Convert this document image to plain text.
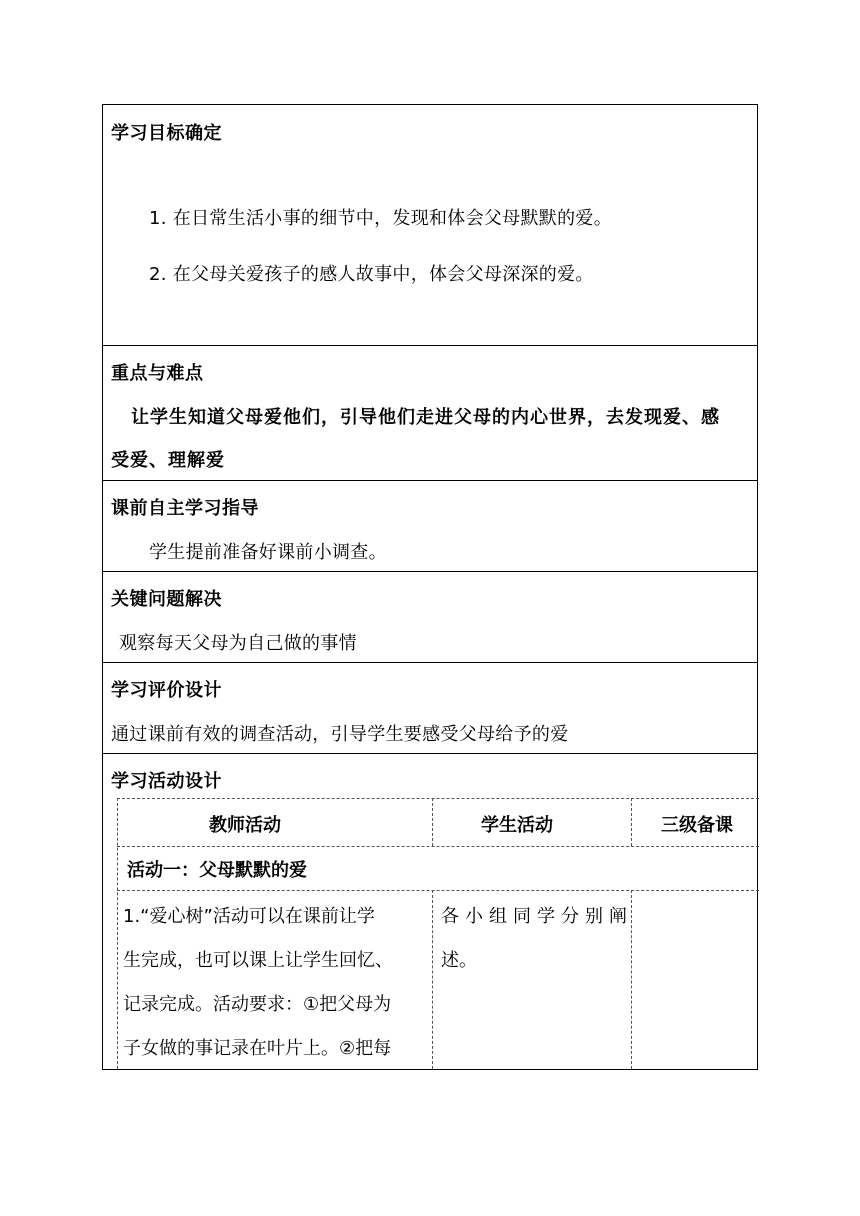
学习目标确定
1. 在日常生活小事的细节中，发现和体会父母默默的爱。
2. 在父母关爱孩子的感人故事中，体会父母深深的爱。
重点与难点
让学生知道父母爱他们，引导他们走进父母的内心世界，去发现爱、感
受爱、理解爱
课前自主学习指导
学生提前准备好课前小调查。
关键问题解决
观察每天父母为自己做的事情
学习评价设计
通过课前有效的调查活动，引导学生要感受父母给予的爱
学习活动设计
教师活动	学生活动	三级备课
活动一：父母默默的爱
1.“爱心树”活动可以在课前让学
生完成，也可以课上让学生回忆、
记录完成。活动要求：①把父母为
子女做的事记录在叶片上。②把每
各小组同学分别阐
述。
